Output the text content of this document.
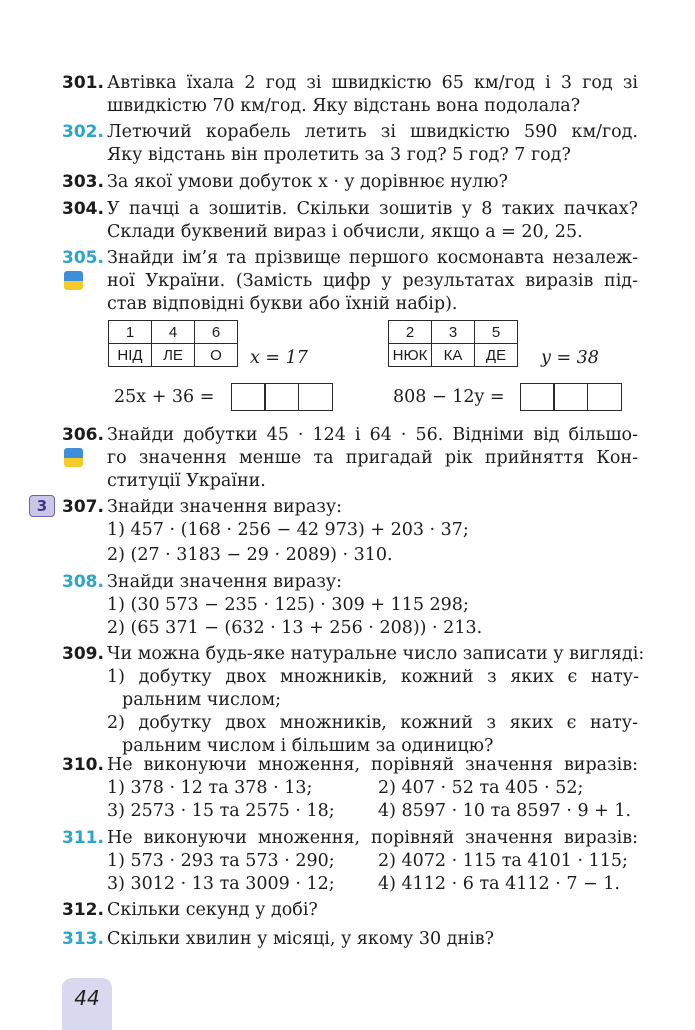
301. Автівка їхала 2 год зі швидкістю 65 км/год і 3 год зі
швидкістю 70 км/год. Яку відстань вона подолала?
302. Летючий корабель летить зі швидкістю 590 км/год.
Яку відстань він пролетить за 3 год? 5 год? 7 год?
303. За якої умови добуток x · y дорівнює нулю?
304. У пачці a зошитів. Скільки зошитів у 8 таких пачках?
Склади буквений вираз і обчисли, якщо a = 20, 25.
305. Знайди ім’я та прізвище першого космонавта незалеж-
ної України. (Замість цифр у результатах виразів під-
став відповідні букви або їхній набір).
1	4	6
НІД	ЛЕ	О x = 17
25x + 36 =
2	3	5
НЮК	КА	ДЕ y = 38
808 − 12y =
306. Знайди добутки 45 · 124 і 64 · 56. Відніми від більшо-
го значення менше та пригадай рік прийняття Кон-
ституції України.
3 307. Знайди значення виразу:
1) 457 · (168 · 256 − 42 973) + 203 · 37;
2) (27 · 3183 − 29 · 2089) · 310.
308. Знайди значення виразу:
1) (30 573 − 235 · 125) · 309 + 115 298;
2) (65 371 − (632 · 13 + 256 · 208)) · 213.
309. Чи можна будь-яке натуральне число записати у вигляді:
1) добутку двох множників, кожний з яких є нату-
ральним числом;
2) добутку двох множників, кожний з яких є нату-
ральним числом і більшим за одиницю?
310. Не виконуючи множення, порівняй значення виразів:
1) 378 · 12 та 378 · 13;	2) 407 · 52 та 405 · 52;
3) 2573 · 15 та 2575 · 18; 4) 8597 · 10 та 8597 · 9 + 1.
311. Не виконуючи множення, порівняй значення виразів:
1) 573 · 293 та 573 · 290; 2) 4072 · 115 та 4101 · 115;
3) 3012 · 13 та 3009 · 12; 4) 4112 · 6 та 4112 · 7 − 1.
312. Скільки секунд у добі?
313. Скільки хвилин у місяці, у якому 30 днів?
44
